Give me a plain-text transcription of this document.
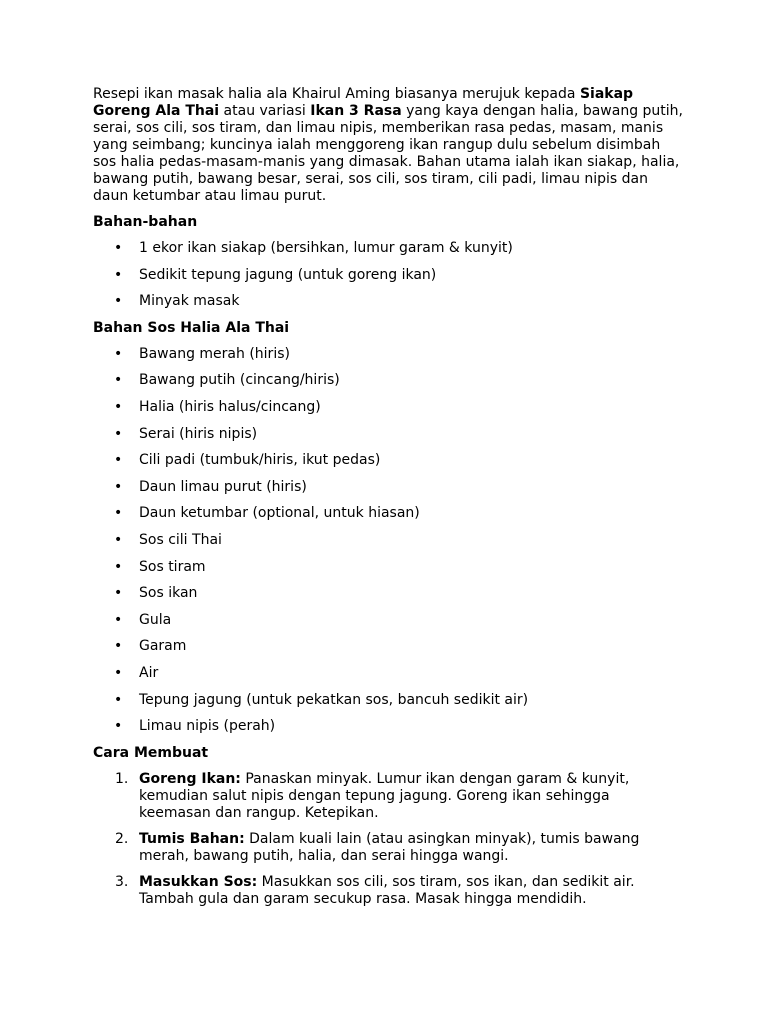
Resepi ikan masak halia ala Khairul Aming biasanya merujuk kepada Siakap Goreng Ala Thai atau variasi Ikan 3 Rasa yang kaya dengan halia, bawang putih, serai, sos cili, sos tiram, dan limau nipis, memberikan rasa pedas, masam, manis yang seimbang; kuncinya ialah menggoreng ikan rangup dulu sebelum disimbah sos halia pedas-masam-manis yang dimasak. Bahan utama ialah ikan siakap, halia, bawang putih, bawang besar, serai, sos cili, sos tiram, cili padi, limau nipis dan daun ketumbar atau limau purut.

Bahan-bahan
• 1 ekor ikan siakap (bersihkan, lumur garam & kunyit)
• Sedikit tepung jagung (untuk goreng ikan)
• Minyak masak
Bahan Sos Halia Ala Thai
• Bawang merah (hiris)
• Bawang putih (cincang/hiris)
• Halia (hiris halus/cincang)
• Serai (hiris nipis)
• Cili padi (tumbuk/hiris, ikut pedas)
• Daun limau purut (hiris)
• Daun ketumbar (optional, untuk hiasan)
• Sos cili Thai
• Sos tiram
• Sos ikan
• Gula
• Garam
• Air
• Tepung jagung (untuk pekatkan sos, bancuh sedikit air)
• Limau nipis (perah)
Cara Membuat
1. Goreng Ikan: Panaskan minyak. Lumur ikan dengan garam & kunyit, kemudian salut nipis dengan tepung jagung. Goreng ikan sehingga keemasan dan rangup. Ketepikan.
2. Tumis Bahan: Dalam kuali lain (atau asingkan minyak), tumis bawang merah, bawang putih, halia, dan serai hingga wangi.
3. Masukkan Sos: Masukkan sos cili, sos tiram, sos ikan, dan sedikit air. Tambah gula dan garam secukup rasa. Masak hingga mendidih.
